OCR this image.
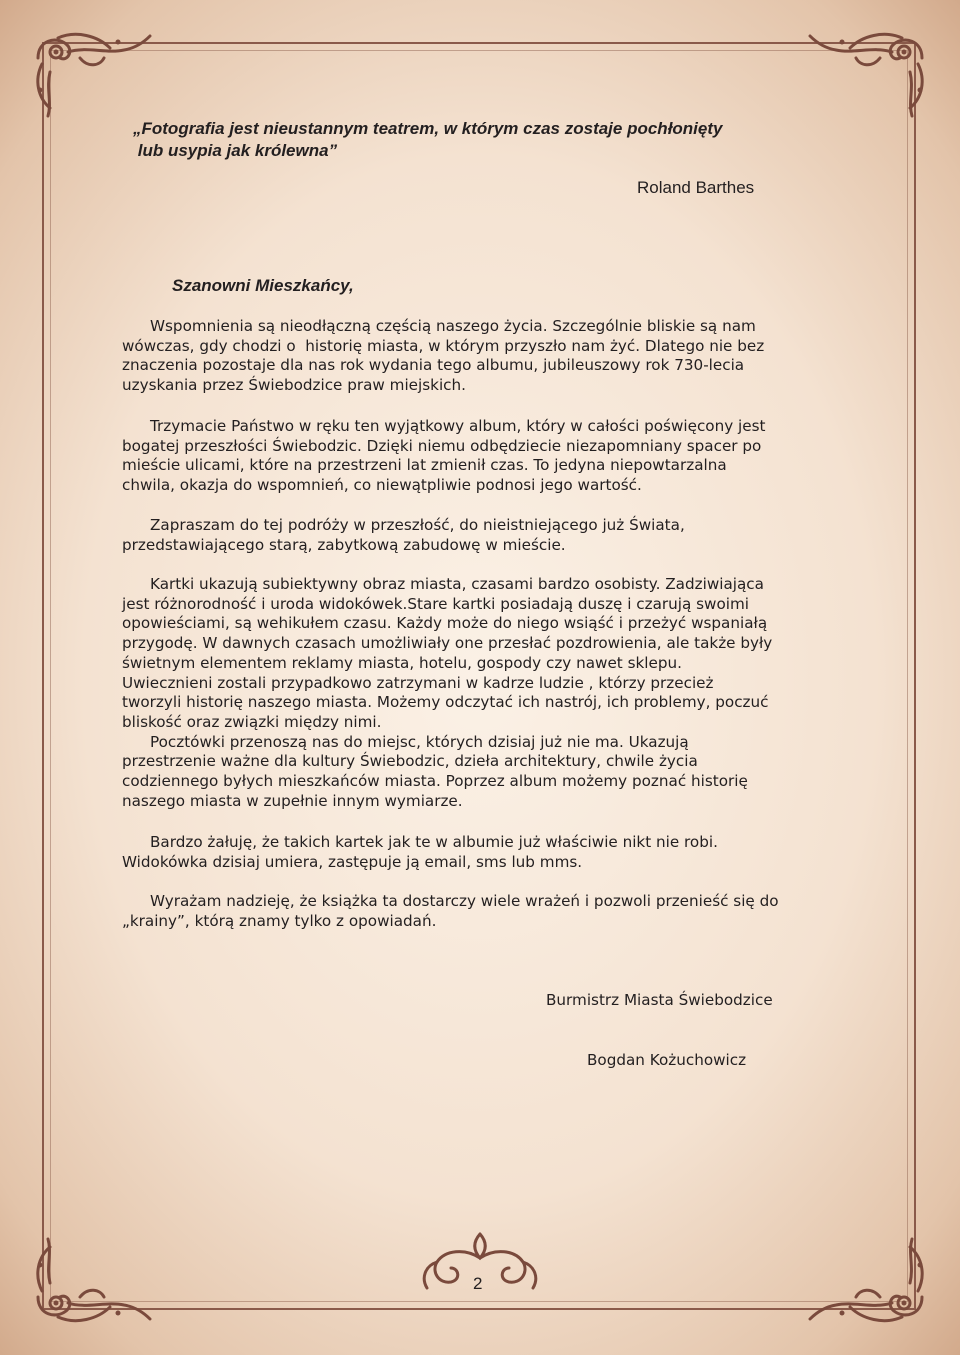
„Fotografia jest nieustannym teatrem, w którym czas zostaje pochłonięty
lub usypia jak królewna”
Roland Barthes
Szanowni Mieszkańcy,
Wspomnienia są nieodłączną częścią naszego życia. Szczególnie bliskie są nam
wówczas, gdy chodzi o  historię miasta, w którym przyszło nam żyć. Dlatego nie bez
znaczenia pozostaje dla nas rok wydania tego albumu, jubileuszowy rok 730-lecia
uzyskania przez Świebodzice praw miejskich.
Trzymacie Państwo w ręku ten wyjątkowy album, który w całości poświęcony jest
bogatej przeszłości Świebodzic. Dzięki niemu odbędziecie niezapomniany spacer po
mieście ulicami, które na przestrzeni lat zmienił czas. To jedyna niepowtarzalna
chwila, okazja do wspomnień, co niewątpliwie podnosi jego wartość.
Zapraszam do tej podróży w przeszłość, do nieistniejącego już Świata,
przedstawiającego starą, zabytkową zabudowę w mieście.
Kartki ukazują subiektywny obraz miasta, czasami bardzo osobisty. Zadziwiająca
jest różnorodność i uroda widokówek.Stare kartki posiadają duszę i czarują swoimi
opowieściami, są wehikułem czasu. Każdy może do niego wsiąść i przeżyć wspaniałą
przygodę. W dawnych czasach umożliwiały one przesłać pozdrowienia, ale także były
świetnym elementem reklamy miasta, hotelu, gospody czy nawet sklepu.
Uwiecznieni zostali przypadkowo zatrzymani w kadrze ludzie , którzy przecież
tworzyli historię naszego miasta. Możemy odczytać ich nastrój, ich problemy, poczuć
bliskość oraz związki między nimi.
Pocztówki przenoszą nas do miejsc, których dzisiaj już nie ma. Ukazują
przestrzenie ważne dla kultury Świebodzic, dzieła architektury, chwile życia
codziennego byłych mieszkańców miasta. Poprzez album możemy poznać historię
naszego miasta w zupełnie innym wymiarze.
Bardzo żałuję, że takich kartek jak te w albumie już właściwie nikt nie robi.
Widokówka dzisiaj umiera, zastępuje ją email, sms lub mms.
Wyrażam nadzieję, że książka ta dostarczy wiele wrażeń i pozwoli przenieść się do
„krainy”, którą znamy tylko z opowiadań.
Burmistrz Miasta Świebodzice
Bogdan Kożuchowicz
2
